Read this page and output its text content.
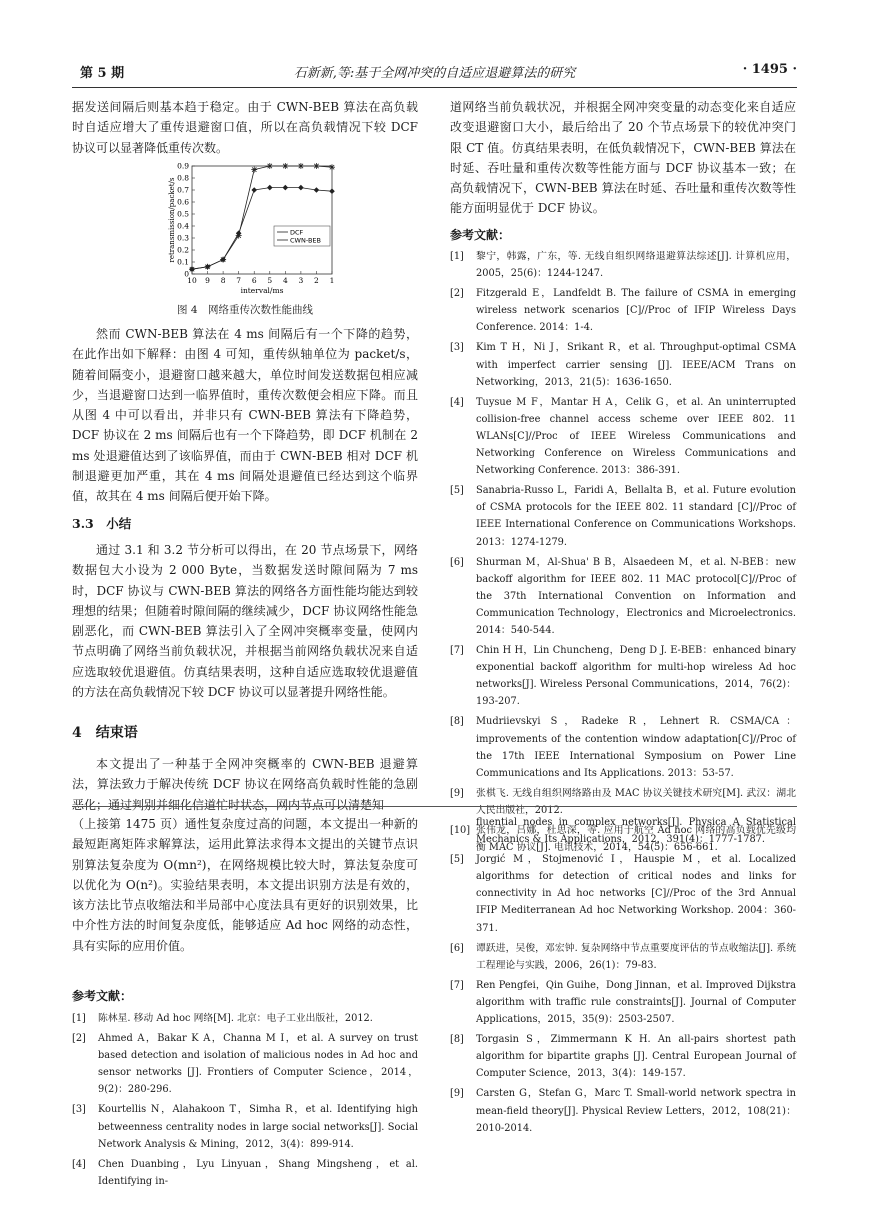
第 5 期	石新新,等:基于全网冲突的自适应退避算法的研究	· 1495 ·

据发送间隔后则基本趋于稳定。由于 CWN-BEB 算法在高负载时自适应增大了重传退避窗口值，所以在高负载情况下较 DCF 协议可以显著降低重传次数。

0
0.1
0.2
0.3
0.4
0.5
0.6
0.7
0.8
0.9
10 9 8 7 6 5 4 3 2 1
interval/ms
retransmission/packet/s	DCF
CWN-BEB
图 4　网络重传次数性能曲线

然而 CWN-BEB 算法在 4 ms 间隔后有一个下降的趋势，在此作出如下解释：由图 4 可知，重传纵轴单位为 packet/s，随着间隔变小，退避窗口越来越大，单位时间发送数据包相应减少，当退避窗口达到一临界值时，重传次数便会相应下降。而且从图 4 中可以看出，并非只有 CWN-BEB 算法有下降趋势，DCF 协议在 2 ms 间隔后也有一个下降趋势，即 DCF 机制在 2 ms 处退避值达到了该临界值，而由于 CWN-BEB 相对 DCF 机制退避更加严重，其在 4 ms 间隔处退避值已经达到这个临界值，故其在 4 ms 间隔后便开始下降。

3.3　小结

通过 3.1 和 3.2 节分析可以得出，在 20 节点场景下，网络数据包大小设为 2 000 Byte，当数据发送时隙间隔为 7 ms 时，DCF 协议与 CWN-BEB 算法的网络各方面性能均能达到较理想的结果；但随着时隙间隔的继续减少，DCF 协议网络性能急剧恶化，而 CWN-BEB 算法引入了全网冲突概率变量，使网内节点明确了网络当前负载状况，并根据当前网络负载状况来自适应选取较优退避值。仿真结果表明，这种自适应选取较优退避值的方法在高负载情况下较 DCF 协议可以显著提升网络性能。

4　结束语

本文提出了一种基于全网冲突概率的 CWN-BEB 退避算法，算法致力于解决传统 DCF 协议在网络高负载时性能的急剧恶化；通过判别并细化信道忙时状态，网内节点可以清楚知

道网络当前负载状况，并根据全网冲突变量的动态变化来自适应改变退避窗口大小，最后给出了 20 个节点场景下的较优冲突门限 CT 值。仿真结果表明，在低负载情况下，CWN-BEB 算法在时延、吞吐量和重传次数等性能方面与 DCF 协议基本一致；在高负载情况下，CWN-BEB 算法在时延、吞吐量和重传次数等性能方面明显优于 DCF 协议。

参考文献：
[1] 黎宁，韩露，广东，等. 无线自组织网络退避算法综述[J]. 计算机应用，2005，25(6)：1244-1247.
[2] Fitzgerald E，Landfeldt B. The failure of CSMA in emerging wireless network scenarios [C]//Proc of IFIP Wireless Days Conference. 2014：1-4.
[3] Kim T H，Ni J，Srikant R，et al. Throughput-optimal CSMA with imperfect carrier sensing [J]. IEEE/ACM Trans on Networking，2013，21(5)：1636-1650.
[4] Tuysue M F，Mantar H A，Celik G，et al. An uninterrupted collision-free channel access scheme over IEEE 802. 11 WLANs[C]//Proc of IEEE Wireless Communications and Networking Conference on Wireless Communications and Networking Conference. 2013：386-391.
[5] Sanabria-Russo L，Faridi A，Bellalta B，et al. Future evolution of CSMA protocols for the IEEE 802. 11 standard [C]//Proc of IEEE International Conference on Communications Workshops. 2013：1274-1279.
[6] Shurman M，Al-Shua' B B，Alsaedeen M，et al. N-BEB：new backoff algorithm for IEEE 802. 11 MAC protocol[C]//Proc of the 37th International Convention on Information and Communication Technology，Electronics and Microelectronics. 2014：540-544.
[7] Chin H H，Lin Chuncheng，Deng D J. E-BEB：enhanced binary exponential backoff algorithm for multi-hop wireless Ad hoc networks[J]. Wireless Personal Communications，2014，76(2)：193-207.
[8] Mudriievskyi S，Radeke R，Lehnert R. CSMA/CA：improvements of the contention window adaptation[C]//Proc of the 17th IEEE International Symposium on Power Line Communications and Its Applications. 2013：53-57.
[9] 张棋飞. 无线自组织网络路由及 MAC 协议关键技术研究[M]. 武汉：湖北人民出版社，2012.
[10] 张伟龙，吕娜，杜思深，等. 应用于航空 Ad hoc 网络的高负载优先级均衡 MAC 协议[J]. 电讯技术，2014，54(5)：656-661.

（上接第 1475 页）通性复杂度过高的问题，本文提出一种新的最短距离矩阵求解算法，运用此算法求得本文提出的关键节点识别算法复杂度为 O(mn²)，在网络规模比较大时，算法复杂度可以优化为 O(n²)。实验结果表明，本文提出识别方法是有效的，该方法比节点收缩法和半局部中心度法具有更好的识别效果，比中介性方法的时间复杂度低，能够适应 Ad hoc 网络的动态性，具有实际的应用价值。

参考文献：
[1] 陈林星. 移动 Ad hoc 网络[M]. 北京：电子工业出版社，2012.
[2] Ahmed A，Bakar K A，Channa M I，et al. A survey on trust based detection and isolation of malicious nodes in Ad hoc and sensor networks [J]. Frontiers of Computer Science，2014，9(2)：280-296.
[3] Kourtellis N，Alahakoon T，Simha R，et al. Identifying high betweenness centrality nodes in large social networks[J]. Social Network Analysis & Mining，2012，3(4)：899-914.
[4] Chen Duanbing，Lyu Linyuan，Shang Mingsheng，et al. Identifying in-
fluential nodes in complex networks[J]. Physica A Statistical Mechanics & Its Applications，2012，391(4)：1777-1787.
[5] Jorgić M，Stojmenović I，Hauspie M，et al. Localized algorithms for detection of critical nodes and links for connectivity in Ad hoc networks [C]//Proc of the 3rd Annual IFIP Mediterranean Ad hoc Networking Workshop. 2004：360-371.
[6] 谭跃进，吴俊，邓宏钟. 复杂网络中节点重要度评估的节点收缩法[J]. 系统工程理论与实践，2006，26(1)：79-83.
[7] Ren Pengfei，Qin Guihe，Dong Jinnan，et al. Improved Dijkstra algorithm with traffic rule constraints[J]. Journal of Computer Applications，2015，35(9)：2503-2507.
[8] Torgasin S，Zimmermann K H. An all-pairs shortest path algorithm for bipartite graphs [J]. Central European Journal of Computer Science，2013，3(4)：149-157.
[9] Carsten G，Stefan G，Marc T. Small-world network spectra in mean-field theory[J]. Physical Review Letters，2012，108(21)：2010-2014.
